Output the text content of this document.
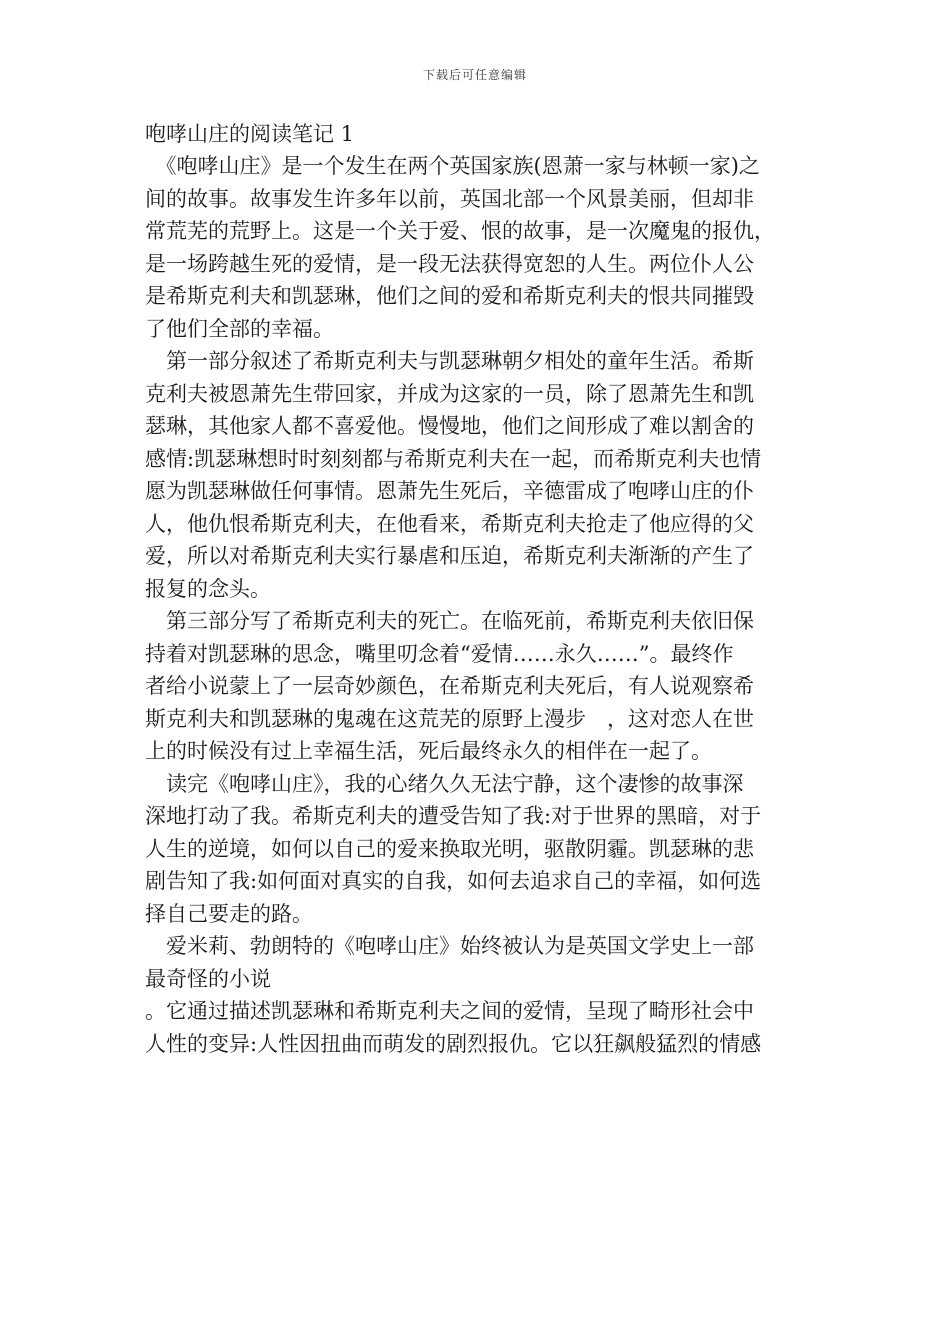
下载后可任意编辑
咆哮山庄的阅读笔记 1

　《咆哮山庄》是一个发生在两个英国家族(恩萧一家与林顿一家)之
间的故事。故事发生许多年以前，英国北部一个风景美丽，但却非
常荒芜的荒野上。这是一个关于爱、恨的故事，是一次魔鬼的报仇，
是一场跨越生死的爱情，是一段无法获得宽恕的人生。两位仆人公
是希斯克利夫和凯瑟琳，他们之间的爱和希斯克利夫的恨共同摧毁
了他们全部的幸福。

　第一部分叙述了希斯克利夫与凯瑟琳朝夕相处的童年生活。希斯
克利夫被恩萧先生带回家，并成为这家的一员，除了恩萧先生和凯
瑟琳，其他家人都不喜爱他。慢慢地，他们之间形成了难以割舍的
感情:凯瑟琳想时时刻刻都与希斯克利夫在一起，而希斯克利夫也情
愿为凯瑟琳做任何事情。恩萧先生死后，辛德雷成了咆哮山庄的仆
人，他仇恨希斯克利夫，在他看来，希斯克利夫抢走了他应得的父
爱，所以对希斯克利夫实行暴虐和压迫，希斯克利夫渐渐的产生了
报复的念头。

　第三部分写了希斯克利夫的死亡。在临死前，希斯克利夫依旧保
持着对凯瑟琳的思念，嘴里叨念着“爱情……永久……”。最终作
者给小说蒙上了一层奇妙颜色，在希斯克利夫死后，有人说观察希
斯克利夫和凯瑟琳的鬼魂在这荒芜的原野上漫步　，这对恋人在世
上的时候没有过上幸福生活，死后最终永久的相伴在一起了。

　读完《咆哮山庄》，我的心绪久久无法宁静，这个凄惨的故事深
深地打动了我。希斯克利夫的遭受告知了我:对于世界的黑暗，对于
人生的逆境，如何以自己的爱来换取光明，驱散阴霾。凯瑟琳的悲
剧告知了我:如何面对真实的自我，如何去追求自己的幸福，如何选
择自己要走的路。

　爱米莉、勃朗特的《咆哮山庄》始终被认为是英国文学史上一部
最奇怪的小说

。它通过描述凯瑟琳和希斯克利夫之间的爱情，呈现了畸形社会中
人性的变异:人性因扭曲而萌发的剧烈报仇。它以狂飙般猛烈的情感
